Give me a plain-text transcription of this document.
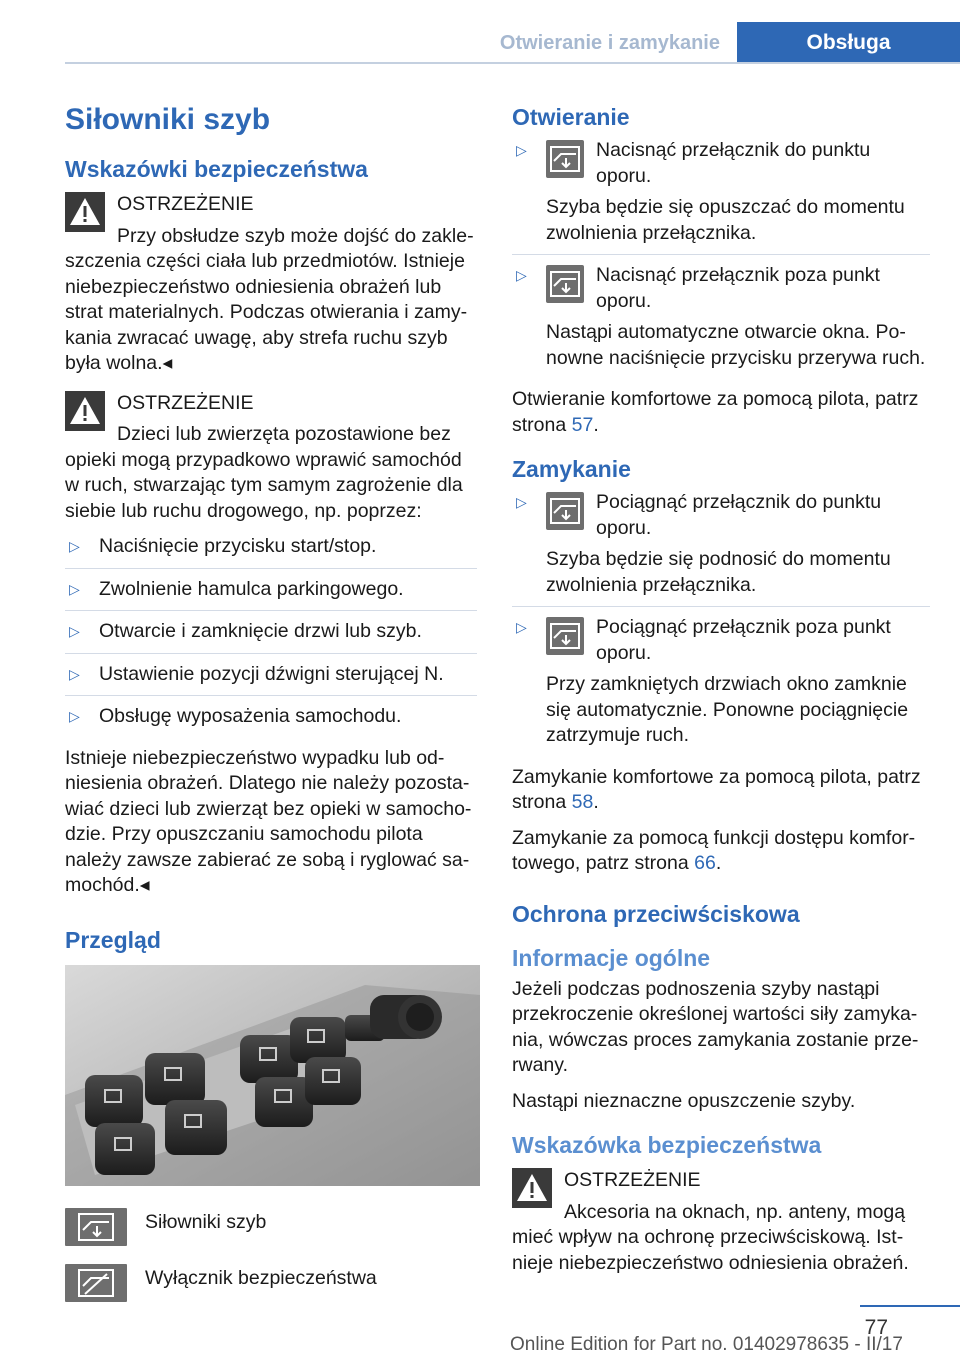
Otwieranie i zamykanie	Obsługa
Siłowniki szyb
Wskazówki bezpieczeństwa

OSTRZEŻENIE

Przy obsłudze szyb może dojść do zakle-szczenia części ciała lub przedmiotów. Istnieje niebezpieczeństwo odniesienia obrażeń lub strat materialnych. Podczas otwierania i zamy-kania zwracać uwagę, aby strefa ruchu szyb była wolna.◂

OSTRZEŻENIE

Dzieci lub zwierzęta pozostawione bez opieki mogą przypadkowo wprawić samochód w ruch, stwarzając tym samym zagrożenie dla siebie lub ruchu drogowego, np. poprzez:

▷ Naciśnięcie przycisku start/stop.
▷ Zwolnienie hamulca parkingowego.
▷ Otwarcie i zamknięcie drzwi lub szyb.
▷ Ustawienie pozycji dźwigni sterującej N.
▷ Obsługę wyposażenia samochodu.

Istnieje niebezpieczeństwo wypadku lub od-niesienia obrażeń. Dlatego nie należy pozosta-wiać dzieci lub zwierząt bez opieki w samocho-dzie. Przy opuszczaniu samochodu pilota należy zawsze zabierać ze sobą i ryglować sa-mochód.◂

Przegląd
Siłowniki szyb
Wyłącznik bezpieczeństwa
Otwieranie
▷	Nacisnąć przełącznik do punktu oporu.
Szyba będzie się opuszczać do momentu zwolnienia przełącznika.
▷	Nacisnąć przełącznik poza punkt oporu.
Nastąpi automatyczne otwarcie okna. Po-nowne naciśnięcie przycisku przerywa ruch.

Otwieranie komfortowe za pomocą pilota, patrz strona 57.

Zamykanie
▷	Pociągnąć przełącznik do punktu oporu.
Szyba będzie się podnosić do momentu zwolnienia przełącznika.
▷	Pociągnąć przełącznik poza punkt oporu.
Przy zamkniętych drzwiach okno zamknie się automatycznie. Ponowne pociągnięcie zatrzymuje ruch.

Zamykanie komfortowe za pomocą pilota, patrz strona 58.

Zamykanie za pomocą funkcji dostępu komfor-towego, patrz strona 66.

Ochrona przeciwściskowa
Informacje ogólne

Jeżeli podczas podnoszenia szyby nastąpi przekroczenie określonej wartości siły zamyka-nia, wówczas proces zamykania zostanie prze-rwany.

Nastąpi nieznaczne opuszczenie szyby.

Wskazówka bezpieczeństwa

OSTRZEŻENIE

Akcesoria na oknach, np. anteny, mogą mieć wpływ na ochronę przeciwściskową. Ist-nieje niebezpieczeństwo odniesienia obrażeń.

77
Online Edition for Part no. 01402978635 - II/17
